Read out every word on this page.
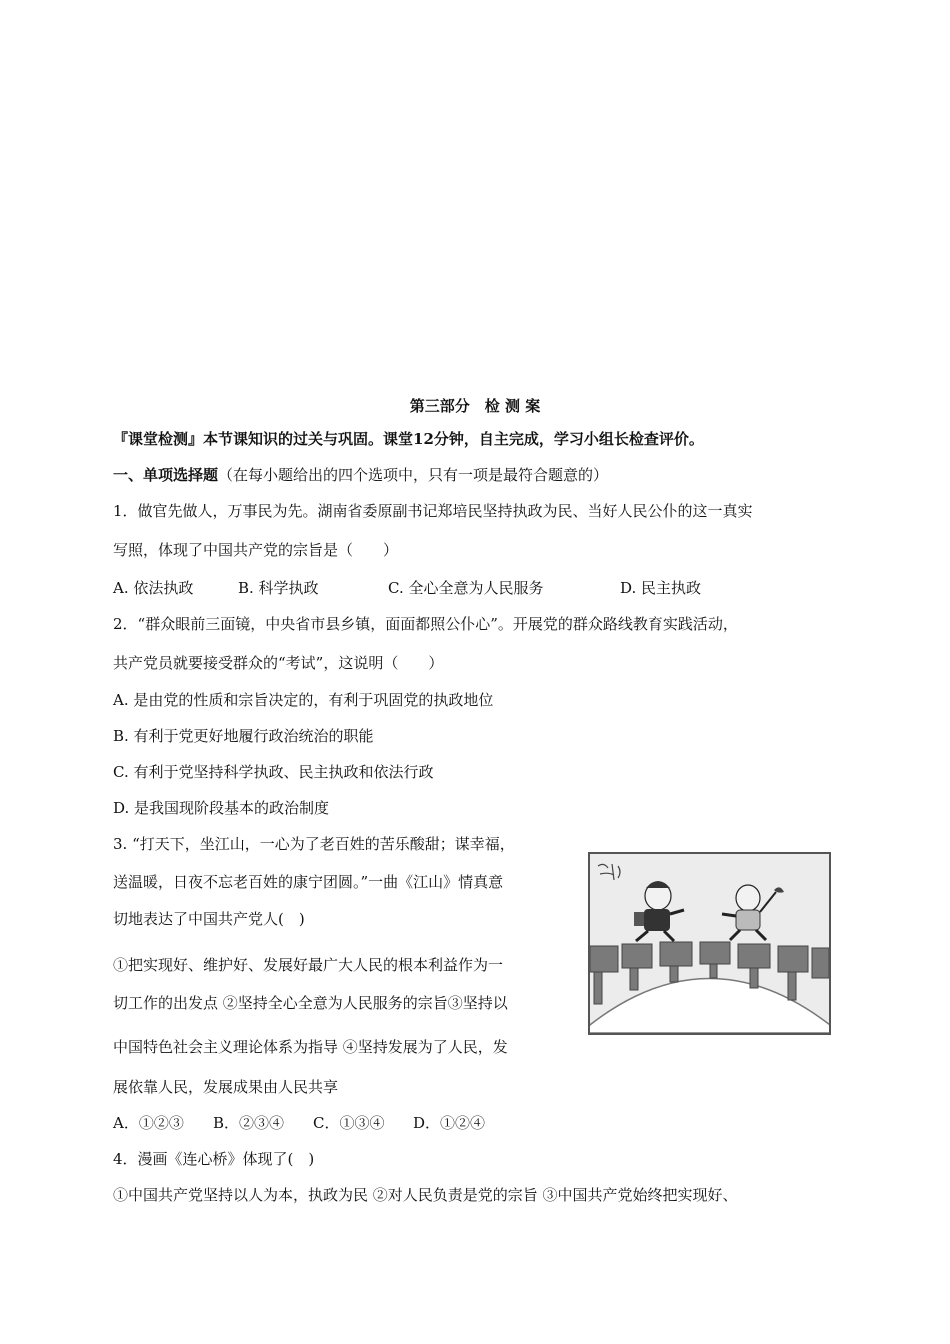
第三部分　检 测 案
『课堂检测』本节课知识的过关与巩固。课堂12分钟，自主完成，学习小组长检查评价。
一、单项选择题（在每小题给出的四个选项中，只有一项是最符合题意的）
1．做官先做人，万事民为先。湖南省委原副书记郑培民坚持执政为民、当好人民公仆的这一真实
写照，体现了中国共产党的宗旨是（　　）
A. 依法执政	B. 科学执政	C. 全心全意为人民服务	D. 民主执政
2．“群众眼前三面镜，中央省市县乡镇，面面都照公仆心”。开展党的群众路线教育实践活动，
共产党员就要接受群众的“考试”，这说明（　　）
A. 是由党的性质和宗旨决定的，有利于巩固党的执政地位
B. 有利于党更好地履行政治统治的职能
C. 有利于党坚持科学执政、民主执政和依法行政
D. 是我国现阶段基本的政治制度
3. “打天下，坐江山，一心为了老百姓的苦乐酸甜；谋幸福，
送温暖，日夜不忘老百姓的康宁团圆。”一曲《江山》情真意
切地表达了中国共产党人(　)
①把实现好、维护好、发展好最广大人民的根本利益作为一
切工作的出发点 ②坚持全心全意为人民服务的宗旨③坚持以
中国特色社会主义理论体系为指导 ④坚持发展为了人民，发
展依靠人民，发展成果由人民共享
A．①②③ B．②③④ C．①③④ D．①②④
4．漫画《连心桥》体现了(　)
①中国共产党坚持以人为本，执政为民 ②对人民负责是党的宗旨 ③中国共产党始终把实现好、
